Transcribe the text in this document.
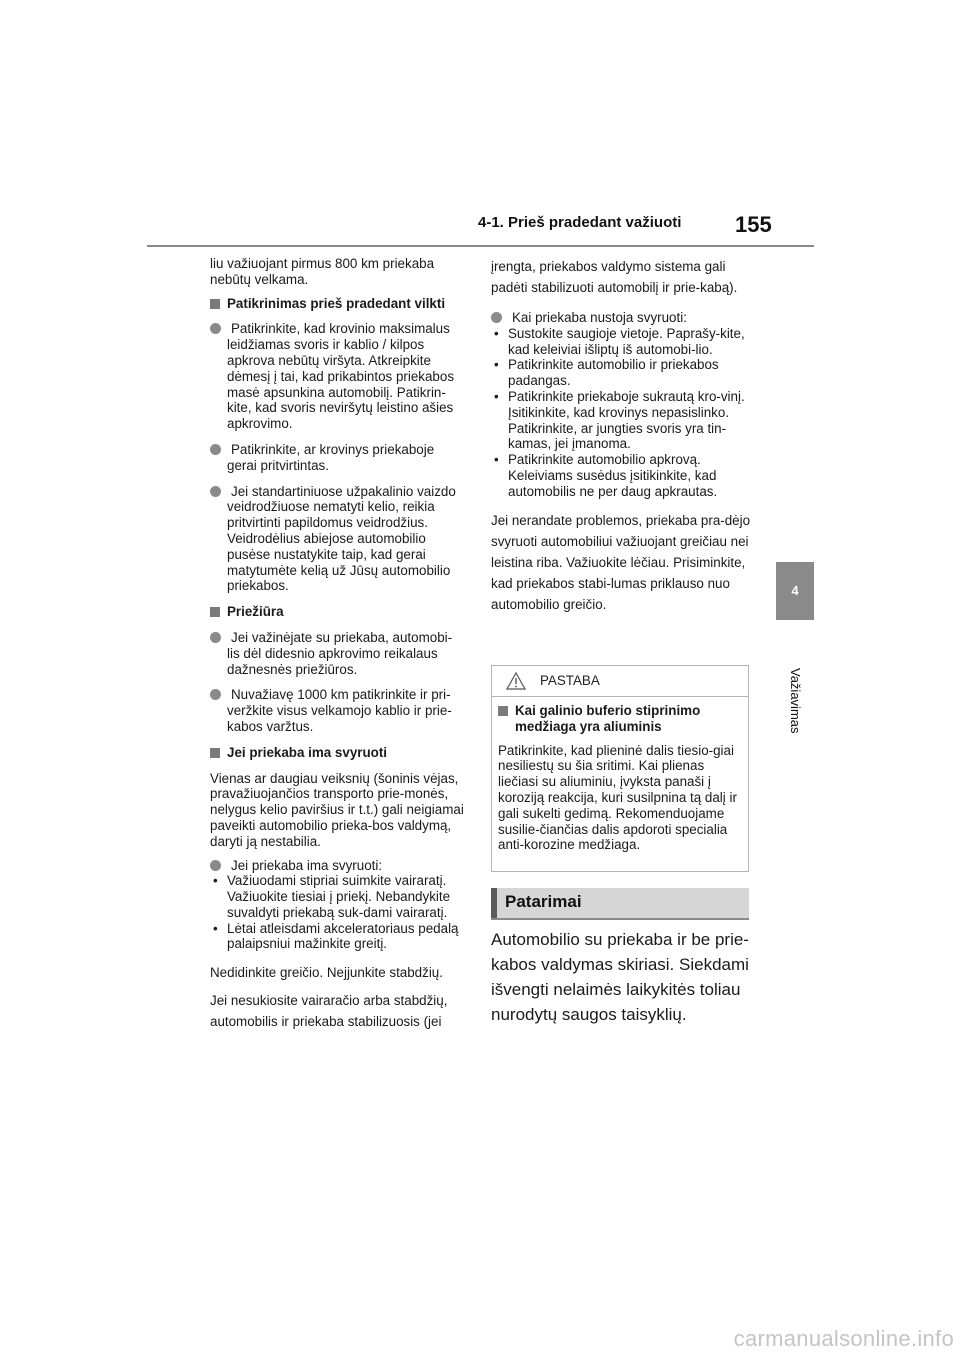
4-1. Prieš pradedant važiuoti 155
4
Važiavimas

liu važiuojant pirmus 800 km priekaba nebūtų velkama.

Patikrinimas prieš pradedant vilkti
Patikrinkite, kad krovinio maksimalus leidžiamas svoris ir kablio / kilpos apkrova nebūtų viršyta. Atkreipkite dėmesį į tai, kad prikabintos priekabos masė apsunkina automobilį. Patikrin-kite, kad svoris neviršytų leistino ašies apkrovimo.
Patikrinkite, ar krovinys priekaboje gerai pritvirtintas.
Jei standartiniuose užpakalinio vaizdo veidrodžiuose nematyti kelio, reikia pritvirtinti papildomus veidrodžius. Veidrodėlius abiejose automobilio pusėse nustatykite taip, kad gerai matytumėte kelią už Jūsų automobilio priekabos.
Priežiūra
Jei važinėjate su priekaba, automobi- lis dėl didesnio apkrovimo reikalaus dažnesnės priežiūros.
Nuvažiavę 1000 km patikrinkite ir pri- veržkite visus velkamojo kablio ir prie-kabos varžtus.
Jei priekaba ima svyruoti

Vienas ar daugiau veiksnių (šoninis vėjas, pravažiuojančios transporto prie-monės, nelygus kelio paviršius ir t.t.) gali neigiamai paveikti automobilio prieka-bos valdymą, daryti ją nestabilia.

Jei priekaba ima svyruoti:
• Važiuodami stipriai suimkite vairaratį. Važiuokite tiesiai į priekį. Nebandykite suvaldyti priekabą suk-dami vairaratį.
• Lėtai atleisdami akceleratoriaus pedalą palaipsniui mažinkite greitį.

Nedidinkite greičio. Nejjunkite stabdžių.

Jei nesukiosite vairaračio arba stabdžių, automobilis ir priekaba stabilizuosis (jei

įrengta, priekabos valdymo sistema gali padėti stabilizuoti automobilį ir prie-kabą).

Kai priekaba nustoja svyruoti:
• Sustokite saugioje vietoje. Paprašy-kite, kad keleiviai išliptų iš automobi-lio.
• Patikrinkite automobilio ir priekabos padangas.
• Patikrinkite priekaboje sukrautą kro-vinį. Įsitikinkite, kad krovinys nepasislinko. Patikrinkite, ar jungties svoris yra tin-kamas, jei įmanoma.
• Patikrinkite automobilio apkrovą. Keleiviams susėdus įsitikinkite, kad automobilis ne per daug apkrautas.

Jei nerandate problemos, priekaba pra-dėjo svyruoti automobiliui važiuojant greičiau nei leistina riba. Važiuokite lėčiau. Prisiminkite, kad priekabos stabi-lumas priklauso nuo automobilio greičio.

PASTABA
Kai galinio buferio stiprinimo medžiaga yra aliuminis

Patikrinkite, kad plieninė dalis tiesio-giai nesiliestų su šia sritimi. Kai plienas liečiasi su aliuminiu, įvyksta panaši į koroziją reakcija, kuri susilpnina tą dalį ir gali sukelti gedimą. Rekomenduojame susilie-čiančias dalis apdoroti specialia anti-korozine medžiaga.

Patarimai
Automobilio su priekaba ir be prie-kabos valdymas skiriasi. Siekdami išvengti nelaimės laikykitės toliau nurodytų saugos taisyklių.
carmanualsonline.info
